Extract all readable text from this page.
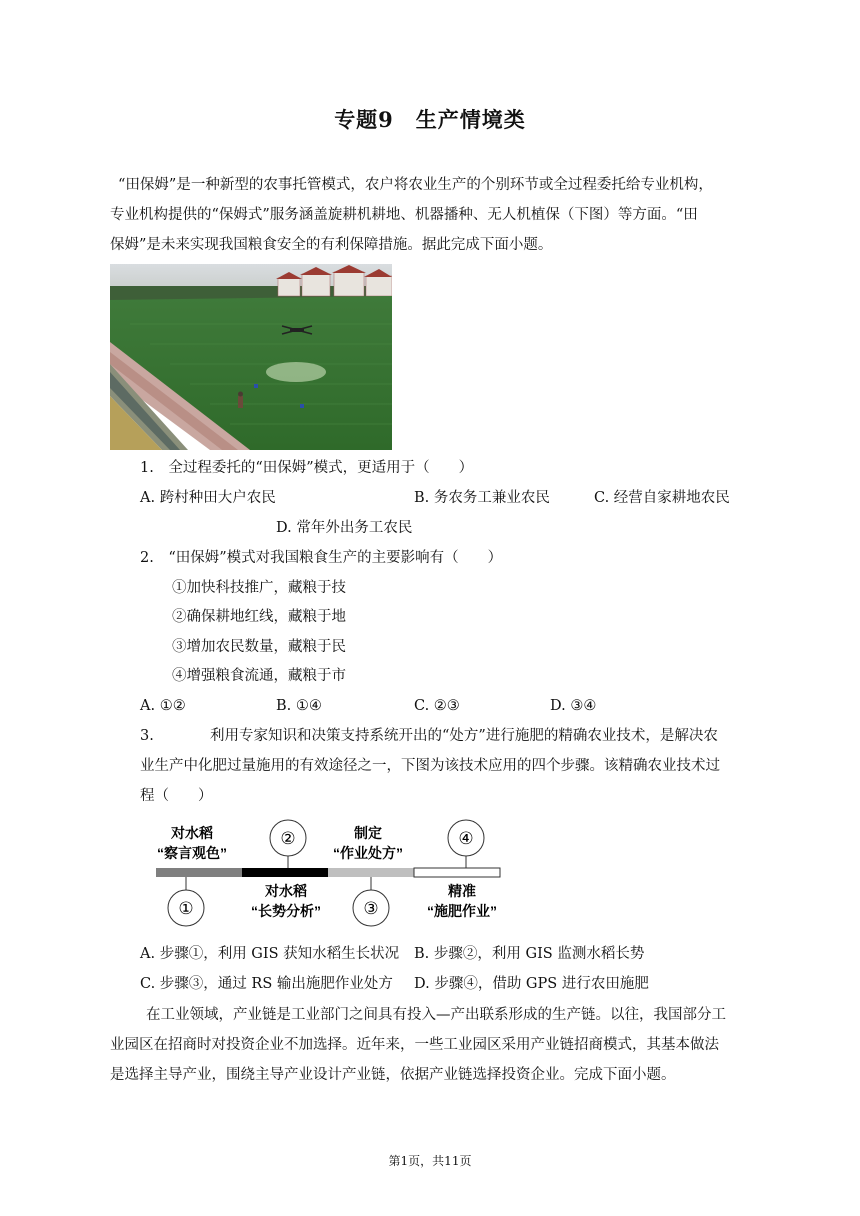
专题9　生产情境类
“田保姆”是一种新型的农事托管模式，农户将农业生产的个别环节或全过程委托给专业机构，
专业机构提供的“保姆式”服务涵盖旋耕机耕地、机器播种、无人机植保（下图）等方面。“田
保姆”是未来实现我国粮食安全的有利保障措施。据此完成下面小题。
1.　全过程委托的“田保姆”模式，更适用于（　　）
A. 跨村种田大户农民	B. 务农务工兼业农民	C. 经营自家耕地农民
D. 常年外出务工农民
2.　“田保姆”模式对我国粮食生产的主要影响有（　　）
①加快科技推广，藏粮于技
②确保耕地红线，藏粮于地
③增加农民数量，藏粮于民
④增强粮食流通，藏粮于市
A. ①②	B. ①④	C. ②③	D. ③④
3.	利用专家知识和决策支持系统开出的“处方”进行施肥的精确农业技术，是解决农
业生产中化肥过量施用的有效途径之一，下图为该技术应用的四个步骤。该精确农业技术过
程（　　）
对水稻
“察言观色”
制定
“作业处方”
②	④
①	③
对水稻
“长势分析”
精准
“施肥作业”
A. 步骤①，利用 GIS 获知水稻生长状况 B. 步骤②，利用 GIS 监测水稻长势
C. 步骤③，通过 RS 输出施肥作业处方 D. 步骤④，借助 GPS 进行农田施肥
在工业领域，产业链是工业部门之间具有投入—产出联系形成的生产链。以往，我国部分工
业园区在招商时对投资企业不加选择。近年来，一些工业园区采用产业链招商模式，其基本做法
是选择主导产业，围绕主导产业设计产业链，依据产业链选择投资企业。完成下面小题。
第1页，共11页
